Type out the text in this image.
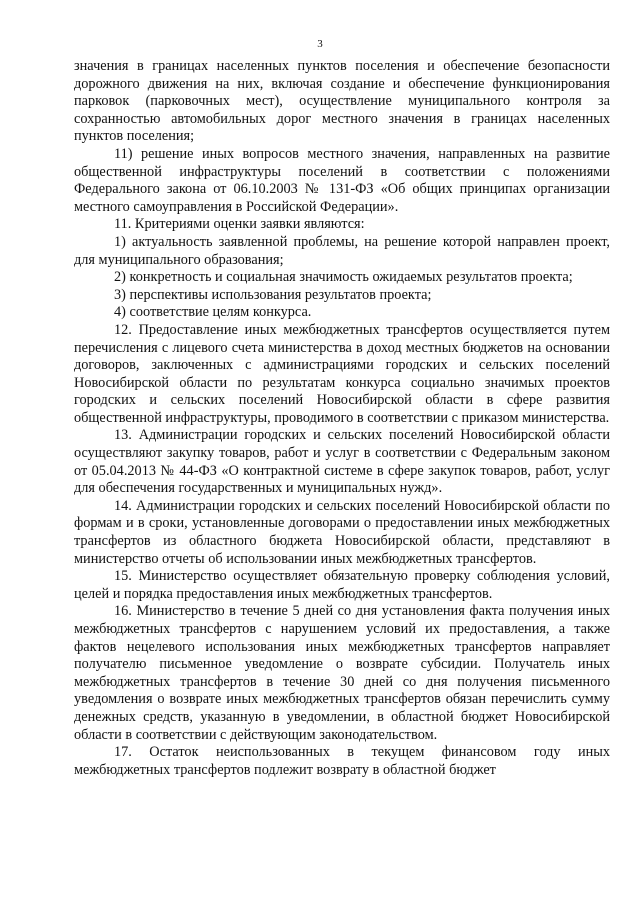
3

значения в границах населенных пунктов поселения и обеспечение безопасности дорожного движения на них, включая создание и обеспечение функционирования парковок (парковочных мест), осуществление муниципального контроля за сохранностью автомобильных дорог местного значения в границах населенных пунктов поселения;

11) решение иных вопросов местного значения, направленных на развитие общественной инфраструктуры поселений в соответствии с положениями Федерального закона от 06.10.2003 № 131-ФЗ «Об общих принципах организации местного самоуправления в Российской Федерации».

11. Критериями оценки заявки являются:

1) актуальность заявленной проблемы, на решение которой направлен проект, для муниципального образования;

2) конкретность и социальная значимость ожидаемых результатов проекта;

3) перспективы использования результатов проекта;

4) соответствие целям конкурса.

12. Предоставление иных межбюджетных трансфертов осуществляется путем перечисления с лицевого счета министерства в доход местных бюджетов на основании договоров, заключенных с администрациями городских и сельских поселений Новосибирской области по результатам конкурса социально значимых проектов городских и сельских поселений Новосибирской области в сфере развития общественной инфраструктуры, проводимого в соответствии с приказом министерства.

13. Администрации городских и сельских поселений Новосибирской области осуществляют закупку товаров, работ и услуг в соответствии с Федеральным законом от 05.04.2013 № 44-ФЗ «О контрактной системе в сфере закупок товаров, работ, услуг для обеспечения государственных и муниципальных нужд».

14. Администрации городских и сельских поселений Новосибирской области по формам и в сроки, установленные договорами о предоставлении иных межбюджетных трансфертов из областного бюджета Новосибирской области, представляют в министерство отчеты об использовании иных межбюджетных трансфертов.

15. Министерство осуществляет обязательную проверку соблюдения условий, целей и порядка предоставления иных межбюджетных трансфертов.

16. Министерство в течение 5 дней со дня установления факта получения иных межбюджетных трансфертов с нарушением условий их предоставления, а также фактов нецелевого использования иных межбюджетных трансфертов направляет получателю письменное уведомление о возврате субсидии. Получатель иных межбюджетных трансфертов в течение 30 дней со дня получения письменного уведомления о возврате иных межбюджетных трансфертов обязан перечислить сумму денежных средств, указанную в уведомлении, в областной бюджет Новосибирской области в соответствии с действующим законодательством.

17. Остаток неиспользованных в текущем финансовом году иных межбюджетных трансфертов подлежит возврату в областной бюджет
